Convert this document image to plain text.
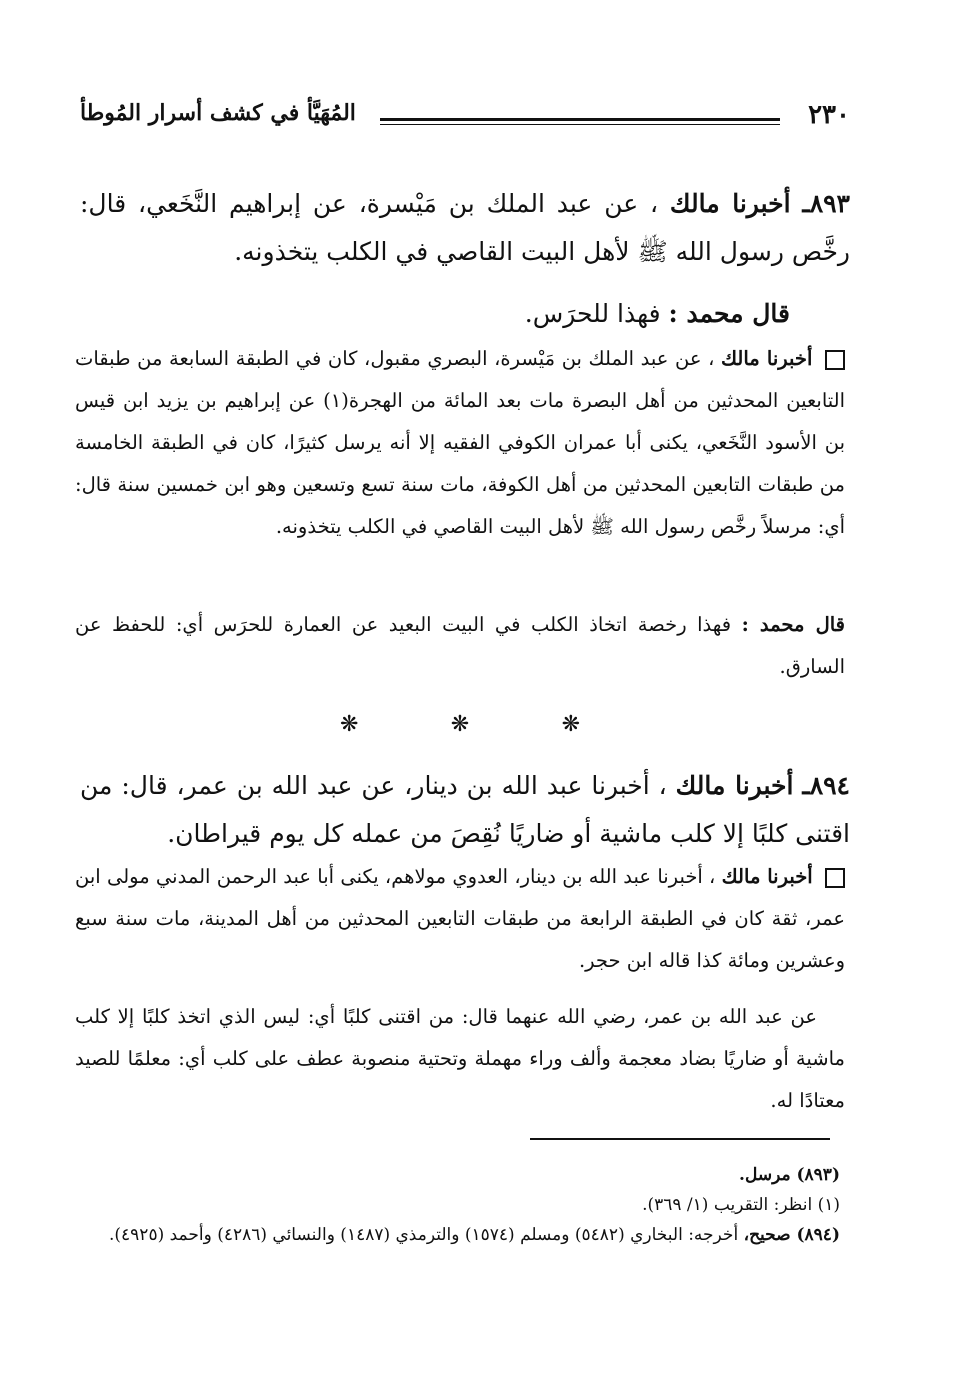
٢٣٠
المُهَيَّأ في كشف أسرار المُوطأ
٨٩٣ـ أخبرنا مالك ، عن عبد الملك بن مَيْسرة، عن إبراهيم النَّخَعي، قال: رخَّص رسول الله ﷺ لأهل البيت القاصي في الكلب يتخذونه.
قال محمد : فهذا للحرَس.
أخبرنا مالك ، عن عبد الملك بن مَيْسرة، البصري مقبول، كان في الطبقة السابعة من طبقات التابعين المحدثين من أهل البصرة مات بعد المائة من الهجرة(١) عن إبراهيم بن يزيد ابن قيس بن الأسود النَّخَعي، يكنى أبا عمران الكوفي الفقيه إلا أنه يرسل كثيرًا، كان في الطبقة الخامسة من طبقات التابعين المحدثين من أهل الكوفة، مات سنة تسع وتسعين وهو ابن خمسين سنة قال: أي: مرسلاً رخَّص رسول الله ﷺ لأهل البيت القاصي في الكلب يتخذونه.
قال محمد : فهذا رخصة اتخاذ الكلب في البيت البعيد عن العمارة للحرَس أي: للحفظ عن السارق.
❋	❋	❋
٨٩٤ـ أخبرنا مالك ، أخبرنا عبد الله بن دينار، عن عبد الله بن عمر، قال: من اقتنى كلبًا إلا كلب ماشية أو ضاريًا نُقِصَ من عمله كل يوم قيراطان.
أخبرنا مالك ، أخبرنا عبد الله بن دينار، العدوي مولاهم، يكنى أبا عبد الرحمن المدني مولى ابن عمر، ثقة كان في الطبقة الرابعة من طبقات التابعين المحدثين من أهل المدينة، مات سنة سبع وعشرين ومائة كذا قاله ابن حجر.
عن عبد الله بن عمر، رضي الله عنهما قال: من اقتنى كلبًا أي: ليس الذي اتخذ كلبًا إلا كلب ماشية أو ضاريًا بضاد معجمة وألف وراء مهملة وتحتية منصوبة عطف على كلب أي: معلمًا للصيد معتادًا له.
(٨٩٣) مرسل.
(١) انظر: التقريب (١/ ٣٦٩).
(٨٩٤) صحيح، أخرجه: البخاري (٥٤٨٢) ومسلم (١٥٧٤) والترمذي (١٤٨٧) والنسائي (٤٢٨٦) وأحمد (٤٩٢٥).
